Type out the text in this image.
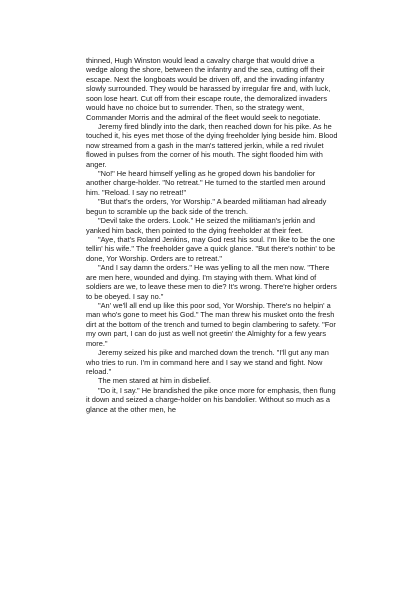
thinned, Hugh Winston would lead a cavalry charge that would drive a wedge along the shore, between the infantry and the sea, cutting off their escape. Next the longboats would be driven off, and the invading infantry slowly surrounded. They would be harassed by irregular fire and, with luck, soon lose heart. Cut off from their escape route, the demoralized invaders would have no choice but to surrender. Then, so the strategy went, Commander Morris and the admiral of the fleet would seek to negotiate.

Jeremy fired blindly into the dark, then reached down for his pike. As he touched it, his eyes met those of the dying freeholder lying beside him. Blood now streamed from a gash in the man's tattered jerkin, while a red rivulet flowed in pulses from the corner of his mouth. The sight flooded him with anger.

"No!" He heard himself yelling as he groped down his bandolier for another charge-holder. "No retreat." He turned to the startled men around him. "Reload. I say no retreat!"

"But that's the orders, Yor Worship." A bearded militiaman had already begun to scramble up the back side of the trench.

"Devil take the orders. Look." He seized the militiaman's jerkin and yanked him back, then pointed to the dying freeholder at their feet.

"Aye, that's Roland Jenkins, may God rest his soul. I'm like to be the one tellin' his wife." The freeholder gave a quick glance. "But there's nothin' to be done, Yor Worship. Orders are to retreat."

"And I say damn the orders." He was yelling to all the men now. "There are men here, wounded and dying. I'm staying with them. What kind of soldiers are we, to leave these men to die? It's wrong. There're higher orders to be obeyed. I say no."

"An' we'll all end up like this poor sod, Yor Worship. There's no helpin' a man who's gone to meet his God." The man threw his musket onto the fresh dirt at the bottom of the trench and turned to begin clambering to safety. "For my own part, I can do just as well not greetin' the Almighty for a few years more."

Jeremy seized his pike and marched down the trench. "I'll gut any man who tries to run. I'm in command here and I say we stand and fight. Now reload."

The men stared at him in disbelief.

"Do it, I say." He brandished the pike once more for emphasis, then flung it down and seized a charge-holder on his bandolier. Without so much as a glance at the other men, he
